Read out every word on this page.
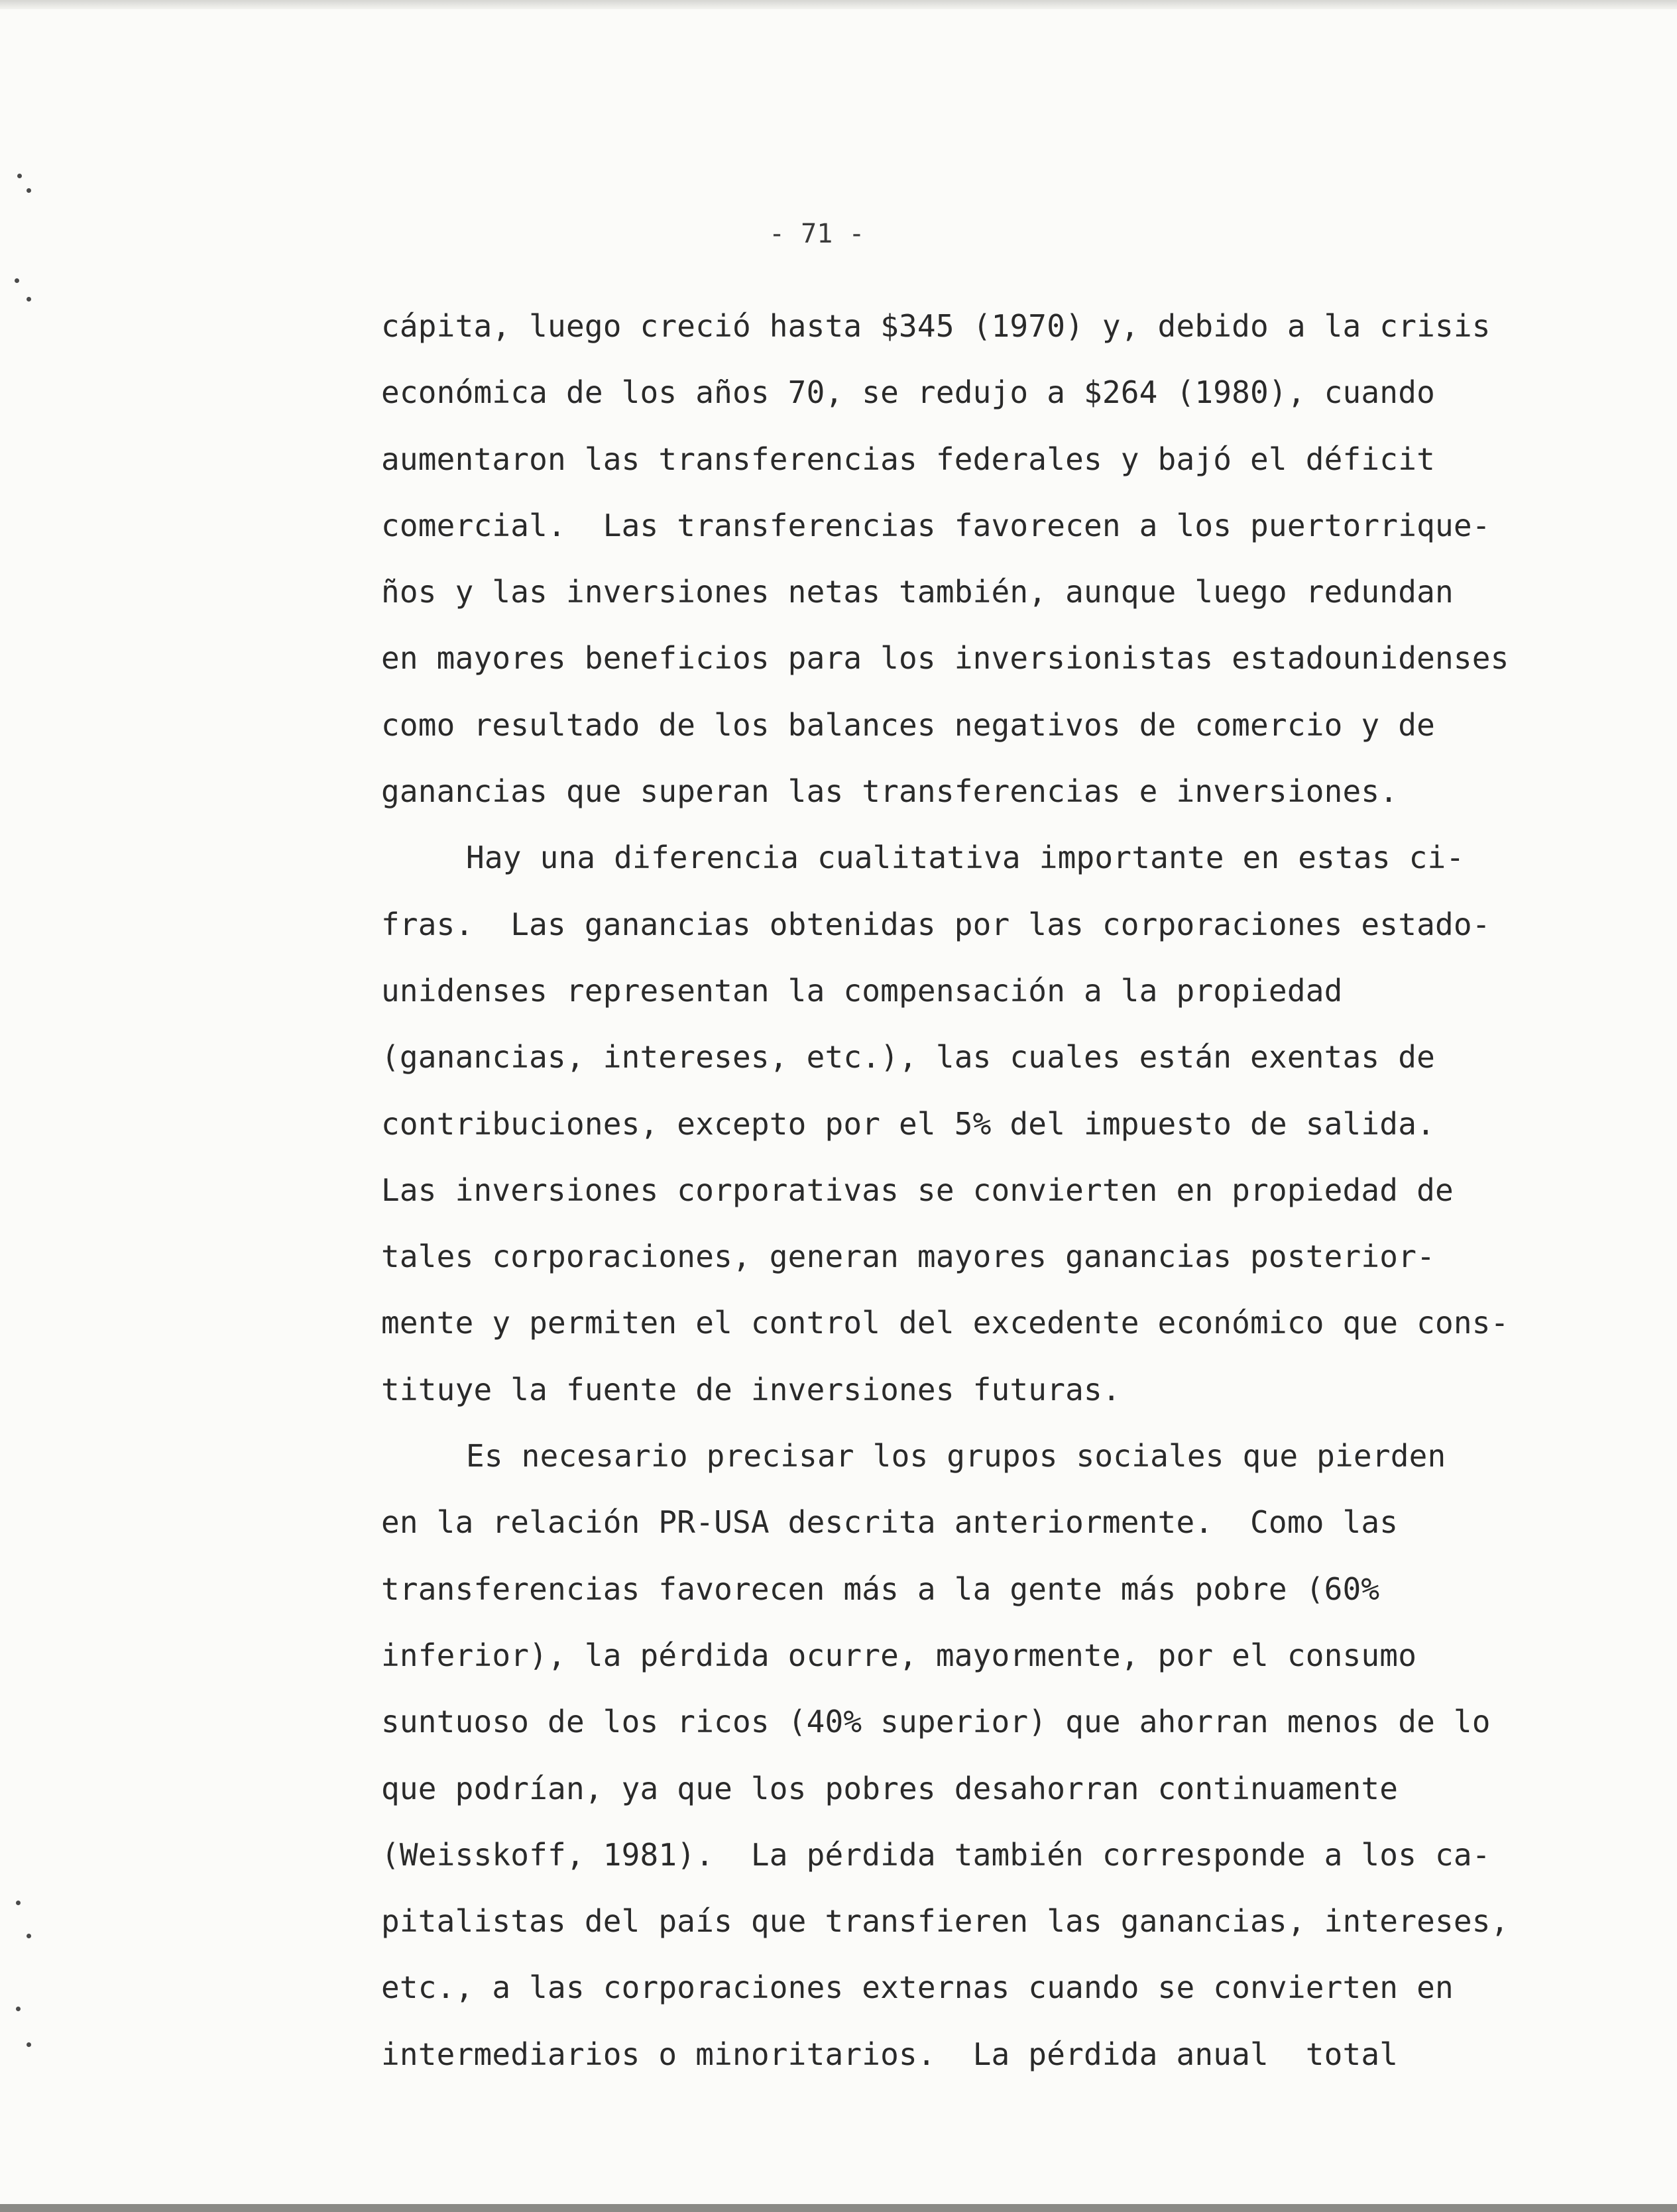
- 71 -
cápita, luego creció hasta $345 (1970) y, debido a la crisis
económica de los años 70, se redujo a $264 (1980), cuando
aumentaron las transferencias federales y bajó el déficit
comercial.  Las transferencias favorecen a los puertorrique-
ños y las inversiones netas también, aunque luego redundan
en mayores beneficios para los inversionistas estadounidenses
como resultado de los balances negativos de comercio y de
ganancias que superan las transferencias e inversiones.
Hay una diferencia cualitativa importante en estas ci-
fras.  Las ganancias obtenidas por las corporaciones estado-
unidenses representan la compensación a la propiedad
(ganancias, intereses, etc.), las cuales están exentas de
contribuciones, excepto por el 5% del impuesto de salida.
Las inversiones corporativas se convierten en propiedad de
tales corporaciones, generan mayores ganancias posterior-
mente y permiten el control del excedente económico que cons-
tituye la fuente de inversiones futuras.
Es necesario precisar los grupos sociales que pierden
en la relación PR-USA descrita anteriormente.  Como las
transferencias favorecen más a la gente más pobre (60%
inferior), la pérdida ocurre, mayormente, por el consumo
suntuoso de los ricos (40% superior) que ahorran menos de lo
que podrían, ya que los pobres desahorran continuamente
(Weisskoff, 1981).  La pérdida también corresponde a los ca-
pitalistas del país que transfieren las ganancias, intereses,
etc., a las corporaciones externas cuando se convierten en
intermediarios o minoritarios.  La pérdida anual  total
